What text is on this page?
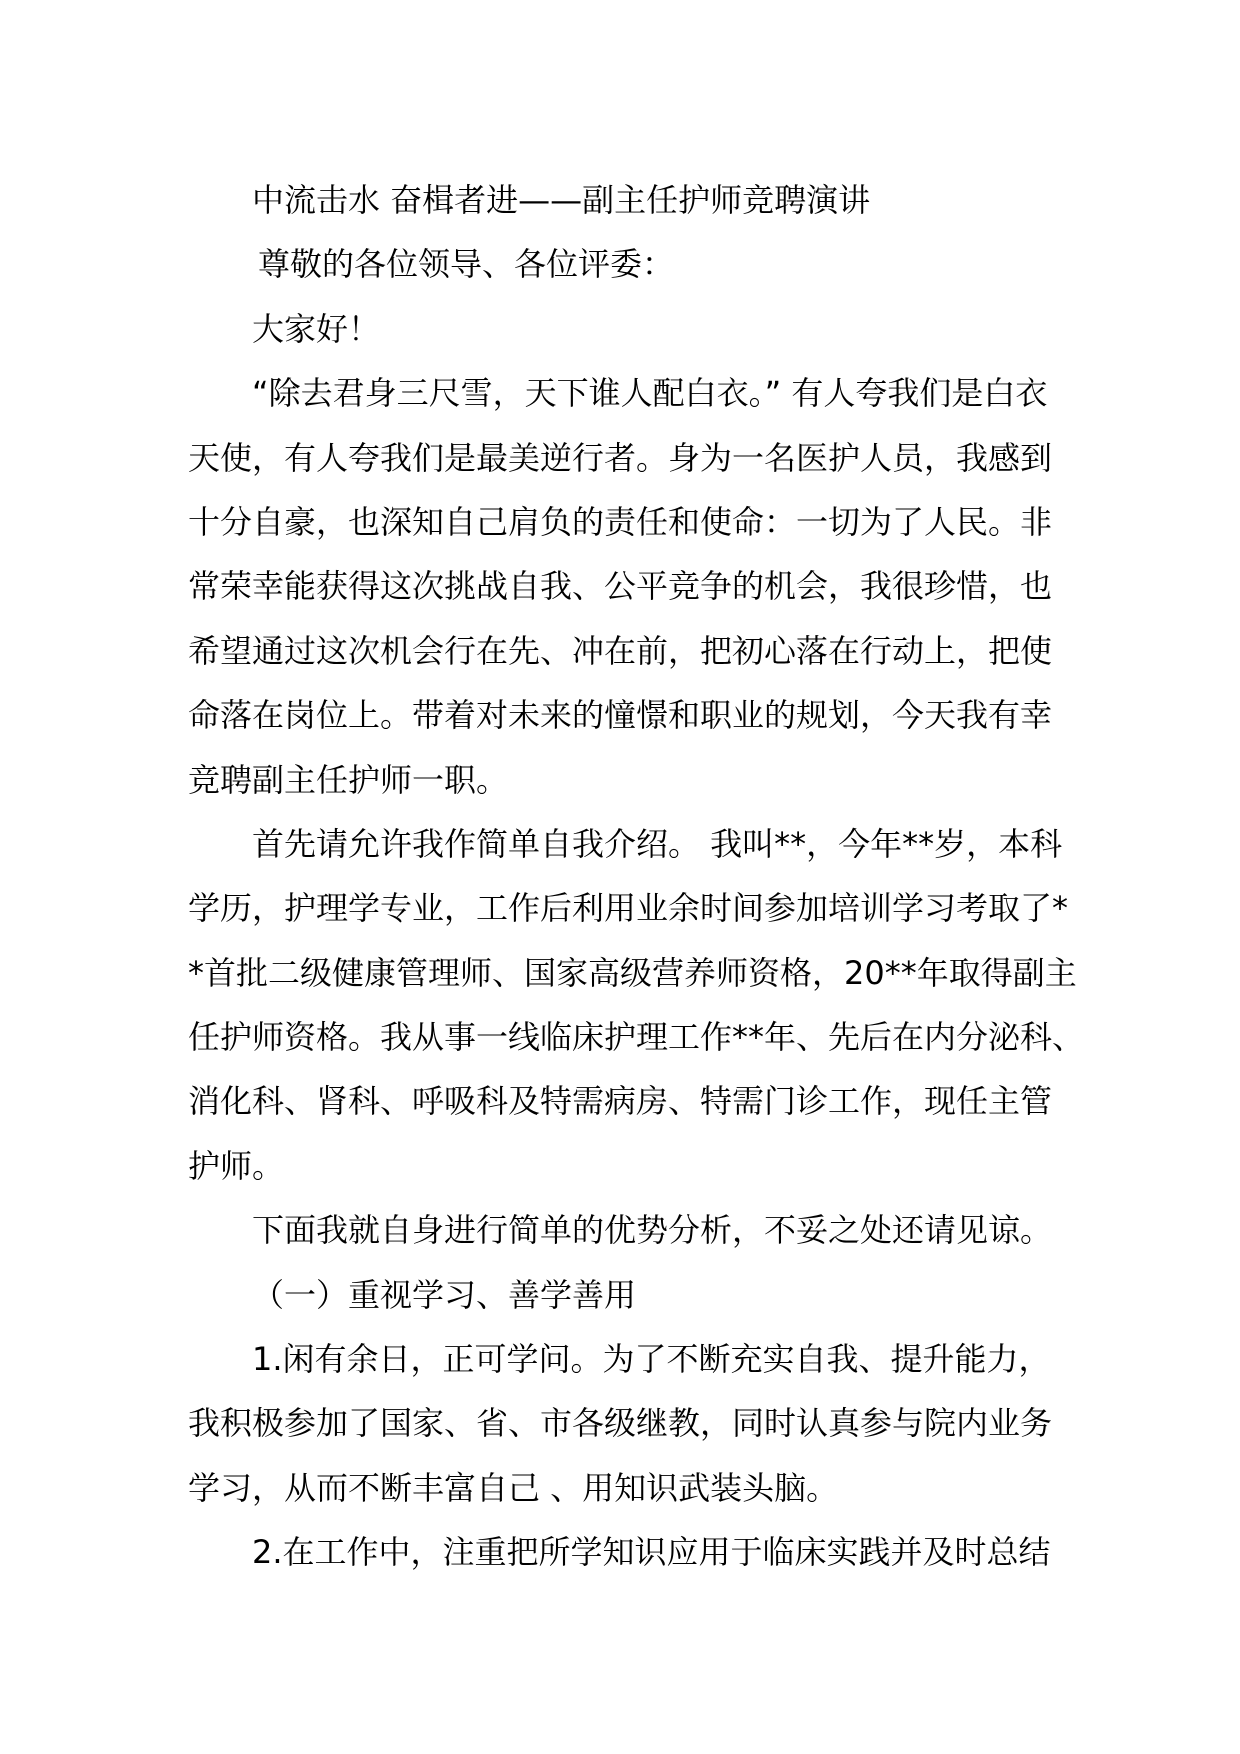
中流击水 奋楫者进——副主任护师竞聘演讲
尊敬的各位领导、各位评委：
大家好！
“除去君身三尺雪，天下谁人配白衣。” 有人夸我们是白衣
天使，有人夸我们是最美逆行者。身为一名医护人员，我感到
十分自豪，也深知自己肩负的责任和使命：一切为了人民。非
常荣幸能获得这次挑战自我、公平竞争的机会，我很珍惜，也
希望通过这次机会行在先、冲在前，把初心落在行动上，把使
命落在岗位上。带着对未来的憧憬和职业的规划，今天我有幸
竞聘副主任护师一职。
首先请允许我作简单自我介绍。 我叫**，今年**岁，本科
学历，护理学专业，工作后利用业余时间参加培训学习考取了*
*首批二级健康管理师、国家高级营养师资格，20**年取得副主
任护师资格。我从事一线临床护理工作**年、先后在内分泌科、
消化科、肾科、呼吸科及特需病房、特需门诊工作，现任主管
护师。
下面我就自身进行简单的优势分析，不妥之处还请见谅。
（一）重视学习、善学善用
1.闲有余日，正可学问。为了不断充实自我、提升能力，
我积极参加了国家、省、市各级继教，同时认真参与院内业务
学习，从而不断丰富自己 、用知识武装头脑。
2.在工作中，注重把所学知识应用于临床实践并及时总结
